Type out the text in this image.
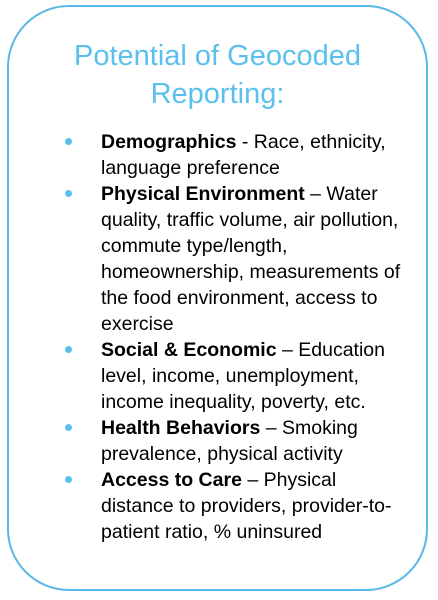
Potential of Geocoded
Reporting:
Demographics - Race, ethnicity, language preference
Physical Environment – Water quality, traffic volume, air pollution, commute type/length, homeownership, measurements of the food environment, access to exercise
Social & Economic – Education level, income, unemployment, income inequality, poverty, etc.
Health Behaviors – Smoking prevalence, physical activity
Access to Care – Physical distance to providers, provider-to-patient ratio, % uninsured
